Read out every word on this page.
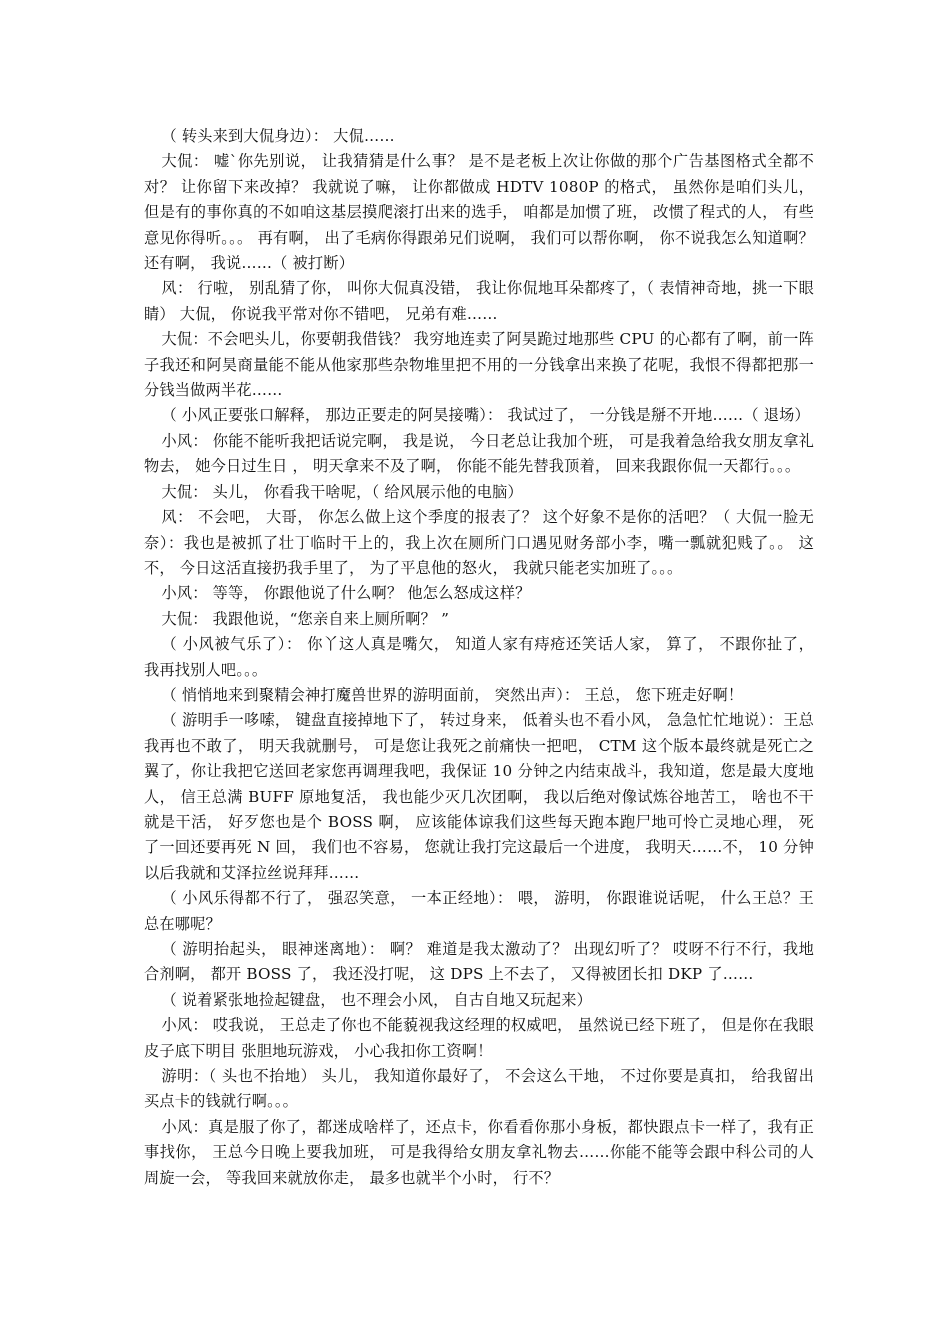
（ 转头来到大侃身边）： 大侃……

大侃： 嘘`你先别说， 让我猜猜是什么事？ 是不是老板上次让你做的那个广告基图格式全都不对？ 让你留下来改掉？ 我就说了嘛， 让你都做成 HDTV 1080P 的格式， 虽然你是咱们头儿， 但是有的事你真的不如咱这基层摸爬滚打出来的选手， 咱都是加惯了班， 改惯了程式的人， 有些意见你得听。。。 再有啊， 出了毛病你得跟弟兄们说啊， 我们可以帮你啊， 你不说我怎么知道啊？ 还有啊， 我说……（ 被打断）

风： 行啦， 别乱猜了你， 叫你大侃真没错， 我让你侃地耳朵都疼了，（ 表情神奇地，挑一下眼睛） 大侃， 你说我平常对你不错吧， 兄弟有难……

大侃：不会吧头儿，你要朝我借钱？ 我穷地连卖了阿昊跪过地那些 CPU 的心都有了啊，前一阵子我还和阿昊商量能不能从他家那些杂物堆里把不用的一分钱拿出来换了花呢，我恨不得都把那一分钱当做两半花……

（ 小风正要张口解释， 那边正要走的阿昊接嘴）： 我试过了， 一分钱是掰不开地……（ 退场）

小风： 你能不能听我把话说完啊， 我是说， 今日老总让我加个班， 可是我着急给我女朋友拿礼物去， 她今日过生日 ， 明天拿来不及了啊， 你能不能先替我顶着， 回来我跟你侃一天都行。。。

大侃： 头儿， 你看我干啥呢，（ 给风展示他的电脑）

风： 不会吧， 大哥， 你怎么做上这个季度的报表了？ 这个好象不是你的活吧？（ 大侃一脸无奈）：我也是被抓了壮丁临时干上的，我上次在厕所门口遇见财务部小李，嘴一瓢就犯贱了。。 这不， 今日这活直接扔我手里了， 为了平息他的怒火， 我就只能老实加班了。。。

小风： 等等， 你跟他说了什么啊？ 他怎么怒成这样？

大侃： 我跟他说，“您亲自来上厕所啊？ ”

（ 小风被气乐了）： 你丫这人真是嘴欠， 知道人家有痔疮还笑话人家， 算了， 不跟你扯了， 我再找别人吧。。。

（ 悄悄地来到聚精会神打魔兽世界的游明面前， 突然出声）： 王总， 您下班走好啊！

（ 游明手一哆嗦， 键盘直接掉地下了， 转过身来， 低着头也不看小风， 急急忙忙地说）：王总我再也不敢了， 明天我就删号， 可是您让我死之前痛快一把吧， CTM 这个版本最终就是死亡之翼了，你让我把它送回老家您再调理我吧，我保证 10 分钟之内结束战斗，我知道，您是最大度地人， 信王总满 BUFF 原地复活， 我也能少灭几次团啊， 我以后绝对像试炼谷地苦工， 啥也不干就是干活， 好歹您也是个 BOSS 啊， 应该能体谅我们这些每天跑本跑尸地可怜亡灵地心理， 死了一回还要再死 N 回， 我们也不容易， 您就让我打完这最后一个进度， 我明天……不， 10 分钟以后我就和艾泽拉丝说拜拜……

（ 小风乐得都不行了， 强忍笑意， 一本正经地）： 喂， 游明， 你跟谁说话呢， 什么王总？王总在哪呢？

（ 游明抬起头， 眼神迷离地）： 啊？ 难道是我太激动了？ 出现幻听了？ 哎呀不行不行，我地合剂啊， 都开 BOSS 了， 我还没打呢， 这 DPS 上不去了， 又得被团长扣 DKP 了……

（ 说着紧张地捡起键盘， 也不理会小风， 自古自地又玩起来）

小风： 哎我说， 王总走了你也不能藐视我这经理的权威吧， 虽然说已经下班了， 但是你在我眼皮子底下明目 张胆地玩游戏， 小心我扣你工资啊！

游明：（ 头也不抬地） 头儿， 我知道你最好了， 不会这么干地， 不过你要是真扣， 给我留出买点卡的钱就行啊。。。

小风：真是服了你了，都迷成啥样了，还点卡，你看看你那小身板，都快跟点卡一样了，我有正事找你， 王总今日晚上要我加班， 可是我得给女朋友拿礼物去……你能不能等会跟中科公司的人周旋一会， 等我回来就放你走， 最多也就半个小时， 行不？
